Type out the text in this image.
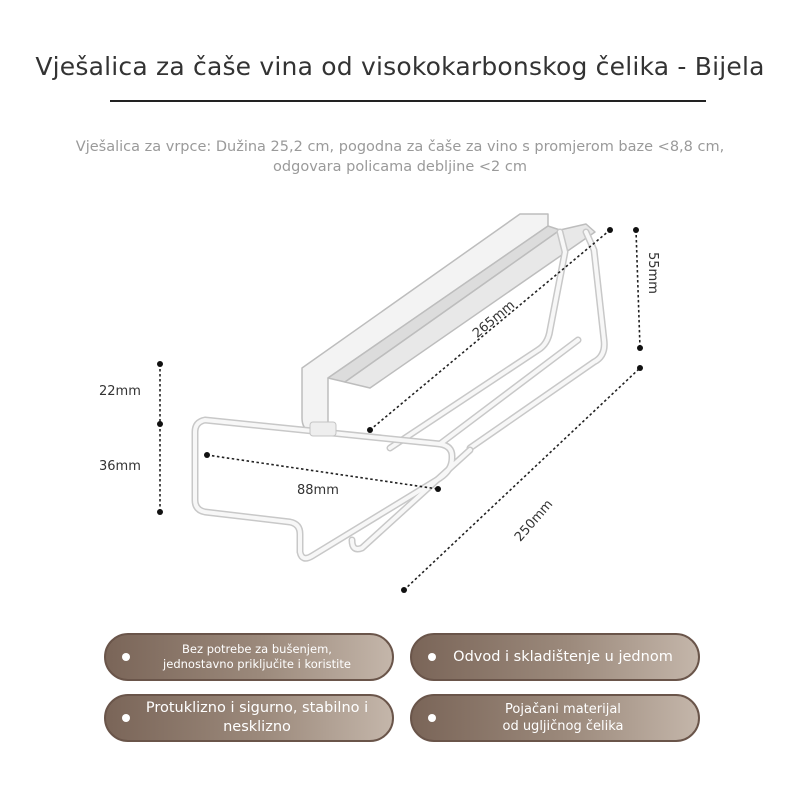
Vješalica za čaše vina od visokokarbonskog čelika - Bijela
Vješalica za vrpce: Dužina 25,2 cm, pogodna za čaše za vino s promjerom baze <8,8 cm, odgovara policama debljine <2 cm
22mm
36mm
88mm
265mm
55mm
250mm
Bez potrebe za bušenjem,
jednostavno priključite i koristite	Odvod i skladištenje u jednom
Protuklizno i sigurno, stabilno i nesklizno
Pojačani materijal
od ugljičnog čelika
